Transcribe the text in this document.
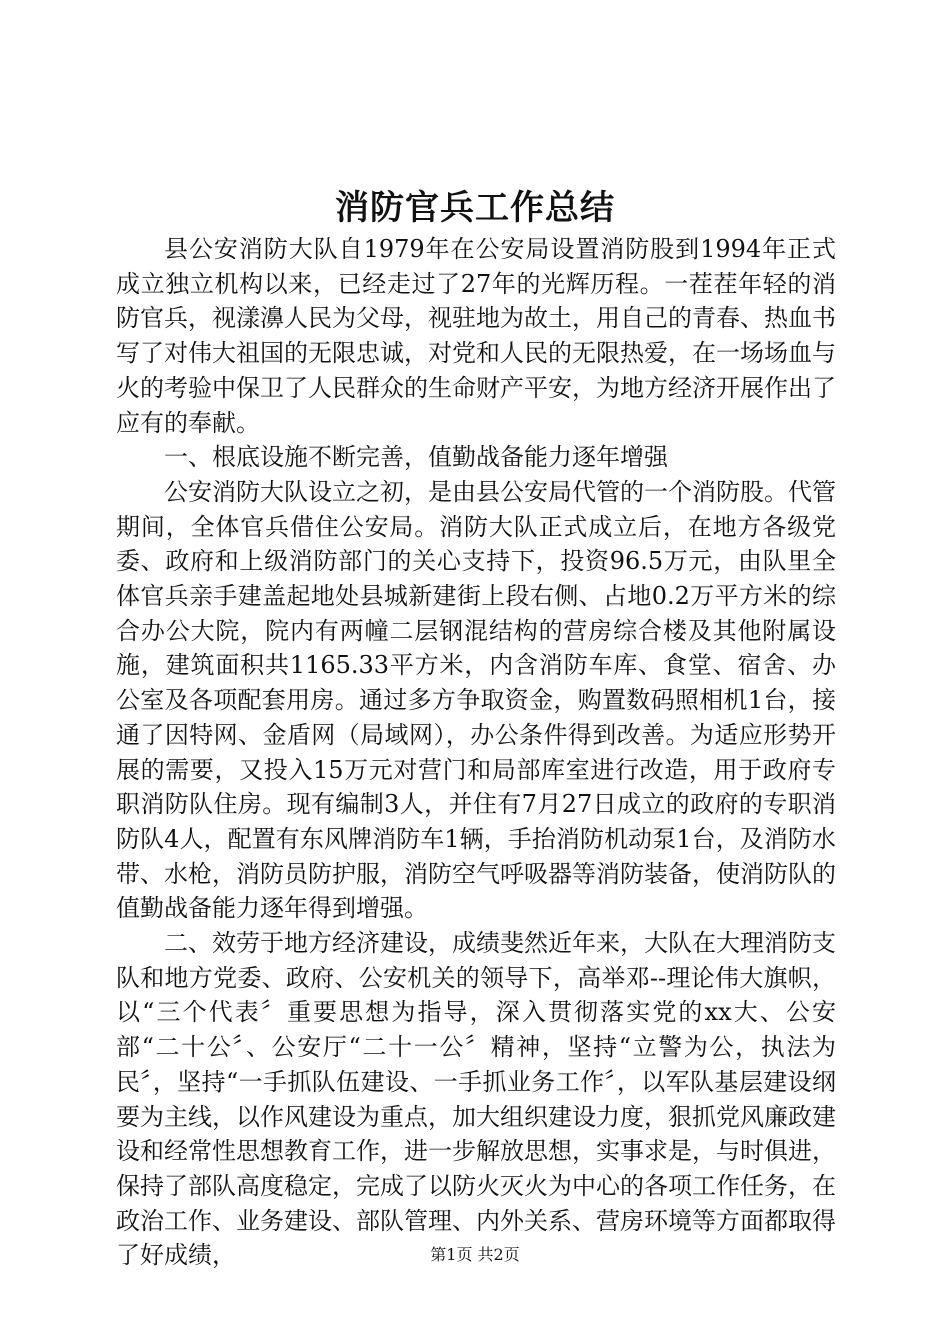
消防官兵工作总结

县公安消防大队自1979年在公安局设置消防股到1994年正式成立独立机构以来，已经走过了27年的光辉历程。一茬茬年轻的消防官兵，视漾濞人民为父母，视驻地为故土，用自己的青春、热血书写了对伟大祖国的无限忠诚，对党和人民的无限热爱，在一场场血与火的考验中保卫了人民群众的生命财产平安，为地方经济开展作出了应有的奉献。

一、根底设施不断完善，值勤战备能力逐年增强

公安消防大队设立之初，是由县公安局代管的一个消防股。代管期间，全体官兵借住公安局。消防大队正式成立后，在地方各级党委、政府和上级消防部门的关心支持下，投资96.5万元，由队里全体官兵亲手建盖起地处县城新建街上段右侧、占地0.2万平方米的综合办公大院，院内有两幢二层钢混结构的营房综合楼及其他附属设施，建筑面积共1165.33平方米，内含消防车库、食堂、宿舍、办公室及各项配套用房。通过多方争取资金，购置数码照相机1台，接通了因特网、金盾网（局域网），办公条件得到改善。为适应形势开展的需要，又投入15万元对营门和局部库室进行改造，用于政府专职消防队住房。现有编制3人，并住有7月27日成立的政府的专职消防队4人，配置有东风牌消防车1辆，手抬消防机动泵1台，及消防水带、水枪，消防员防护服，消防空气呼吸器等消防装备，使消防队的值勤战备能力逐年得到增强。

二、效劳于地方经济建设，成绩斐然近年来，大队在大理消防支队和地方党委、政府、公安机关的领导下，高举邓--理论伟大旗帜，以“三个代表〞重要思想为指导，深入贯彻落实党的xx大、公安部“二十公〞、公安厅“二十一公〞精神，坚持“立警为公，执法为民〞，坚持“一手抓队伍建设、一手抓业务工作〞，以军队基层建设纲要为主线，以作风建设为重点，加大组织建设力度，狠抓党风廉政建设和经常性思想教育工作，进一步解放思想，实事求是，与时俱进，保持了部队高度稳定，完成了以防火灭火为中心的各项工作任务，在政治工作、业务建设、部队管理、内外关系、营房环境等方面都取得了好成绩，	第1页 共2页
